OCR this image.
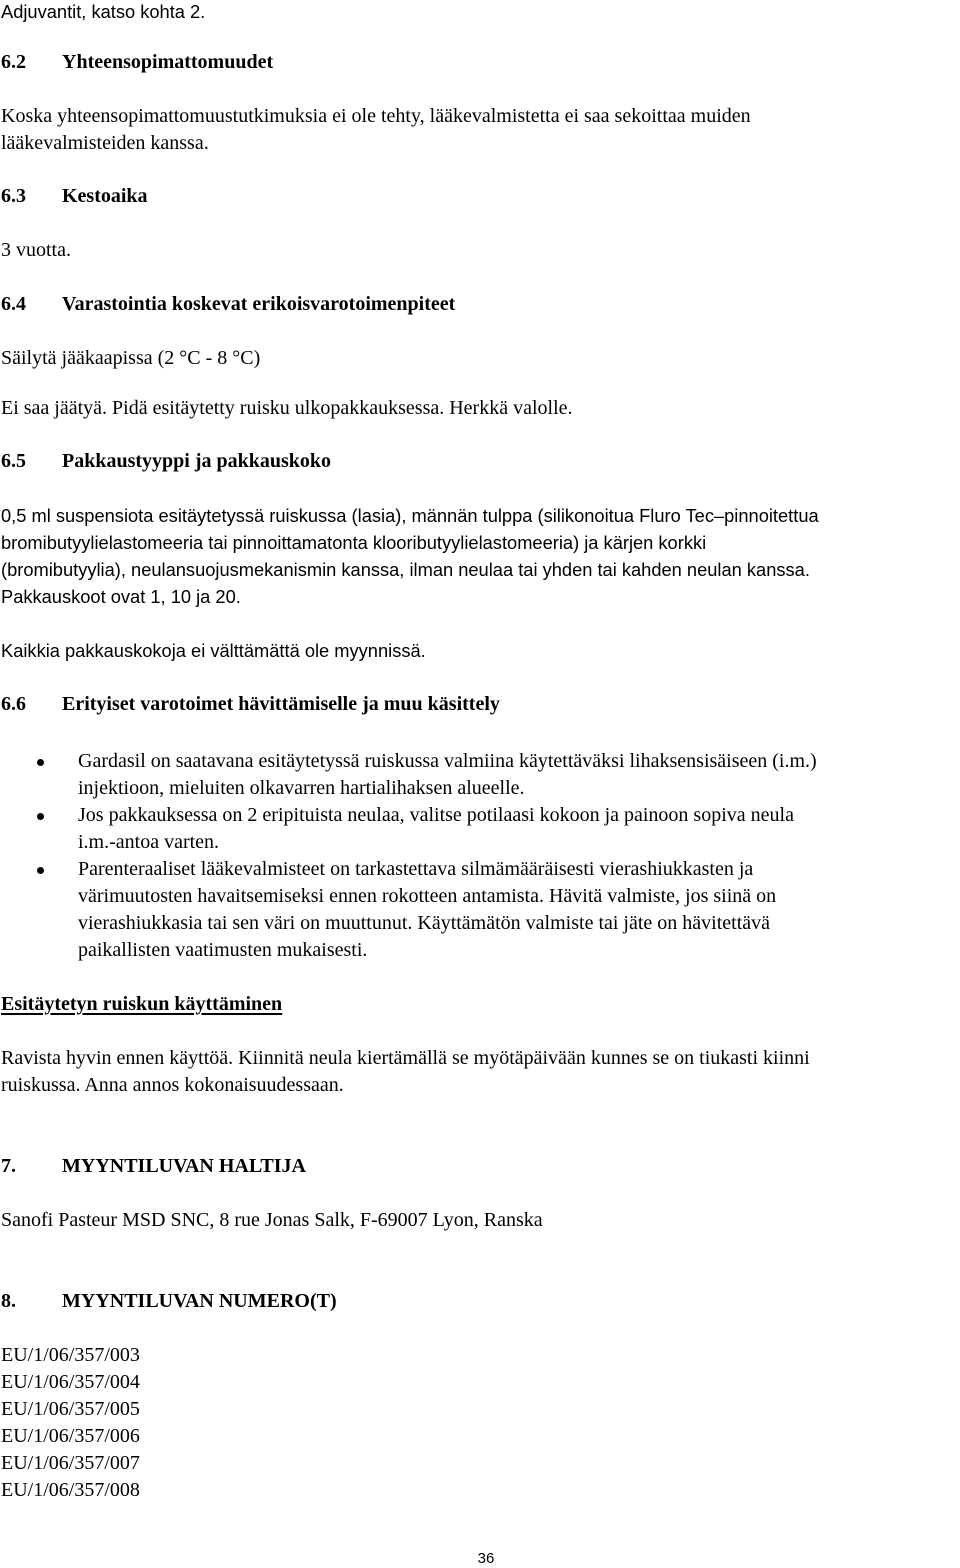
Adjuvantit, katso kohta 2.

6.2	Yhteensopimattomuudet

Koska yhteensopimattomuustutkimuksia ei ole tehty, lääkevalmistetta ei saa sekoittaa muiden

lääkevalmisteiden kanssa.

6.3	Kestoaika

3 vuotta.

6.4	Varastointia koskevat erikoisvarotoimenpiteet

Säilytä jääkaapissa (2 °C - 8 °C)

Ei saa jäätyä. Pidä esitäytetty ruisku ulkopakkauksessa. Herkkä valolle.

6.5	Pakkaustyyppi ja pakkauskoko

0,5 ml suspensiota esitäytetyssä ruiskussa (lasia), männän tulppa (silikonoitua Fluro Tec–pinnoitettua

bromibutyylielastomeeria tai pinnoittamatonta klooributyylielastomeeria) ja kärjen korkki

(bromibutyylia), neulansuojusmekanismin kanssa, ilman neulaa tai yhden tai kahden neulan kanssa.

Pakkauskoot ovat 1, 10 ja 20.

Kaikkia pakkauskokoja ei välttämättä ole myynnissä.

6.6	Erityiset varotoimet hävittämiselle ja muu käsittely

Gardasil on saatavana esitäytetyssä ruiskussa valmiina käytettäväksi lihaksensisäiseen (i.m.)
injektioon, mieluiten olkavarren hartialihaksen alueelle.
Jos pakkauksessa on 2 eripituista neulaa, valitse potilaasi kokoon ja painoon sopiva neula
i.m.-antoa varten.
Parenteraaliset lääkevalmisteet on tarkastettava silmämääräisesti vierashiukkasten ja
värimuutosten havaitsemiseksi ennen rokotteen antamista. Hävitä valmiste, jos siinä on
vierashiukkasia tai sen väri on muuttunut. Käyttämätön valmiste tai jäte on hävitettävä
paikallisten vaatimusten mukaisesti.

Esitäytetyn ruiskun käyttäminen

Ravista hyvin ennen käyttöä. Kiinnitä neula kiertämällä se myötäpäivään kunnes se on tiukasti kiinni

ruiskussa. Anna annos kokonaisuudessaan.

7.	MYYNTILUVAN HALTIJA

Sanofi Pasteur MSD SNC, 8 rue Jonas Salk, F-69007 Lyon, Ranska

8.	MYYNTILUVAN NUMERO(T)

EU/1/06/357/003

EU/1/06/357/004

EU/1/06/357/005

EU/1/06/357/006

EU/1/06/357/007

EU/1/06/357/008

36
